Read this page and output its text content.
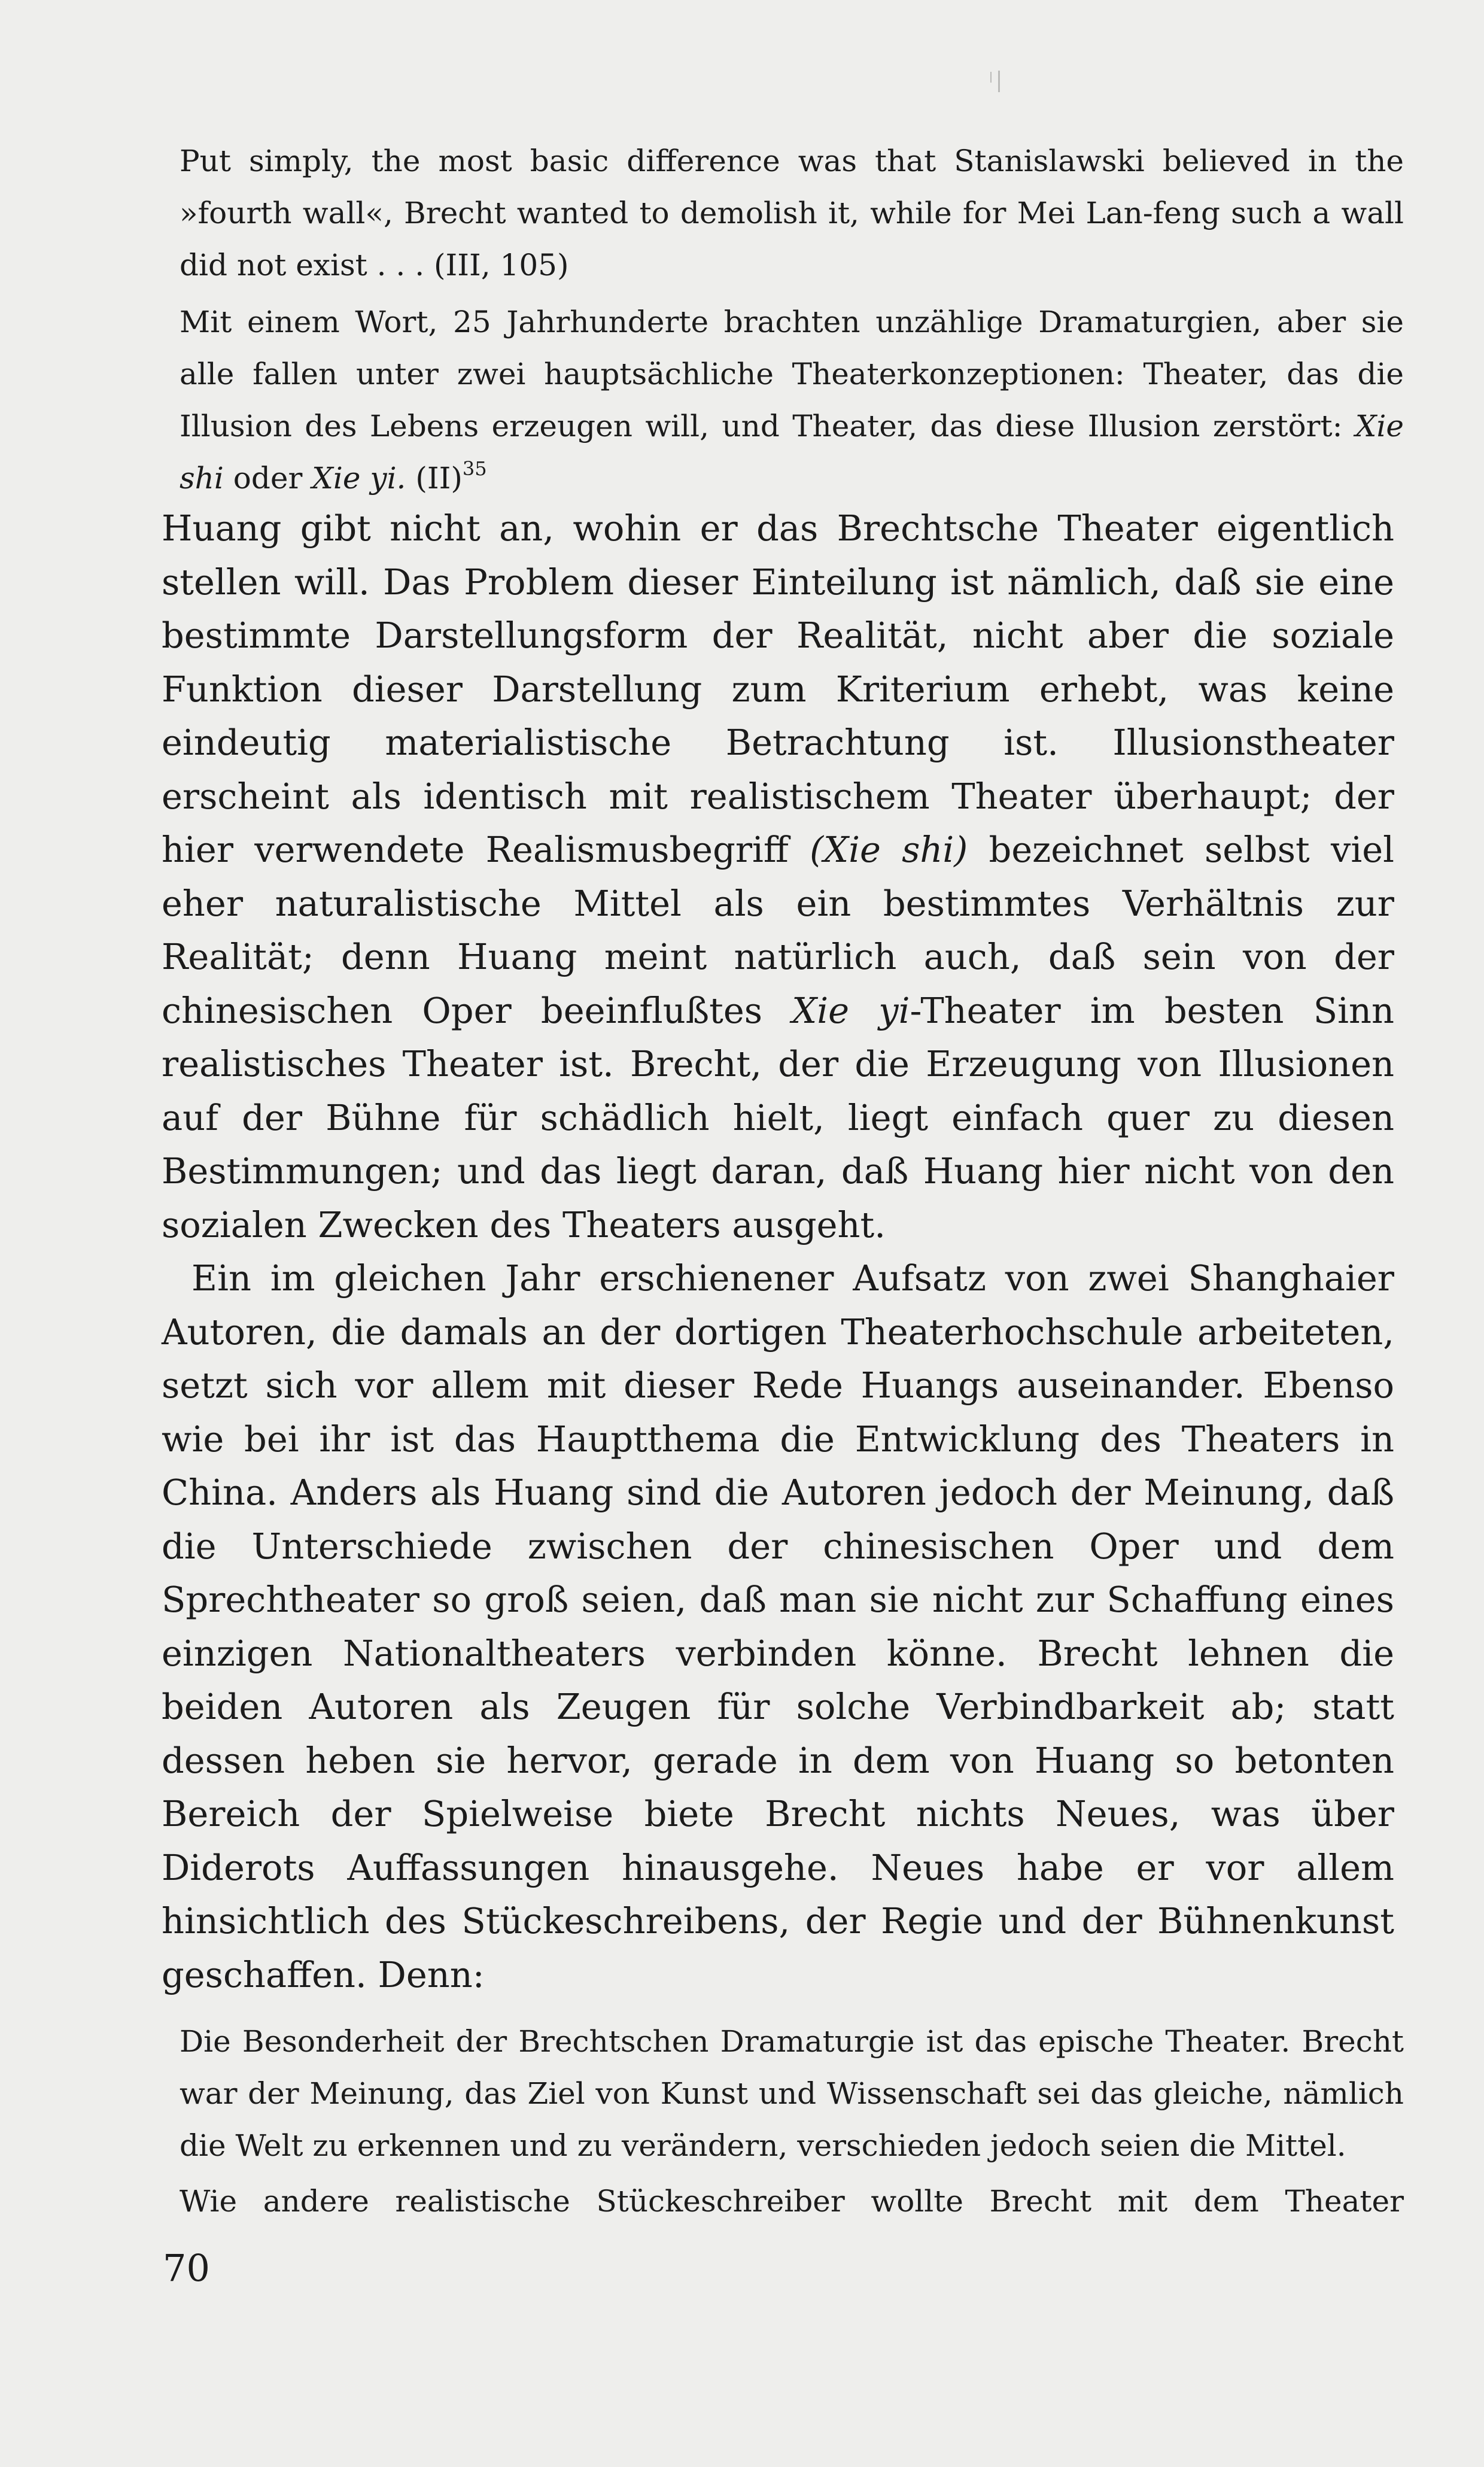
Put simply, the most basic difference was that Stanislawski believed in the »fourth wall«, Brecht wanted to demolish it, while for Mei Lan-feng such a wall did not exist . . . (III, 105)

Mit einem Wort, 25 Jahrhunderte brachten unzählige Dramaturgien, aber sie alle fallen unter zwei hauptsächliche Theaterkonzeptionen: Theater, das die Illusion des Lebens erzeugen will, und Theater, das diese Illusion zerstört: Xie shi oder Xie yi. (II)$^{35}$

Huang gibt nicht an, wohin er das Brechtsche Theater eigentlich stellen will. Das Problem dieser Einteilung ist nämlich, daß sie eine bestimmte Darstellungsform der Realität, nicht aber die soziale Funktion dieser Darstellung zum Kriterium erhebt, was keine eindeutig materialistische Betrachtung ist. Illusionstheater erscheint als identisch mit realistischem Theater überhaupt; der hier verwendete Realismusbegriff (Xie shi) bezeichnet selbst viel eher naturalistische Mittel als ein bestimmtes Verhältnis zur Realität; denn Huang meint natürlich auch, daß sein von der chinesischen Oper beeinflußtes Xie yi-Theater im besten Sinn realistisches Theater ist. Brecht, der die Erzeugung von Illusionen auf der Bühne für schädlich hielt, liegt einfach quer zu diesen Bestimmungen; und das liegt daran, daß Huang hier nicht von den sozialen Zwecken des Theaters ausgeht.

Ein im gleichen Jahr erschienener Aufsatz von zwei Shanghaier Autoren, die damals an der dortigen Theaterhochschule arbeiteten, setzt sich vor allem mit dieser Rede Huangs auseinander. Ebenso wie bei ihr ist das Hauptthema die Entwicklung des Theaters in China. Anders als Huang sind die Autoren jedoch der Meinung, daß die Unterschiede zwischen der chinesischen Oper und dem Sprechtheater so groß seien, daß man sie nicht zur Schaffung eines einzigen Nationaltheaters verbinden könne. Brecht lehnen die beiden Autoren als Zeugen für solche Verbindbarkeit ab; statt dessen heben sie hervor, gerade in dem von Huang so betonten Bereich der Spielweise biete Brecht nichts Neues, was über Diderots Auffassungen hinausgehe. Neues habe er vor allem hinsichtlich des Stückeschreibens, der Regie und der Bühnenkunst geschaffen. Denn:

Die Besonderheit der Brechtschen Dramaturgie ist das epische Theater. Brecht war der Meinung, das Ziel von Kunst und Wissenschaft sei das gleiche, nämlich die Welt zu erkennen und zu verändern, verschieden jedoch seien die Mittel.

Wie andere realistische Stückeschreiber wollte Brecht mit dem Theater

70
